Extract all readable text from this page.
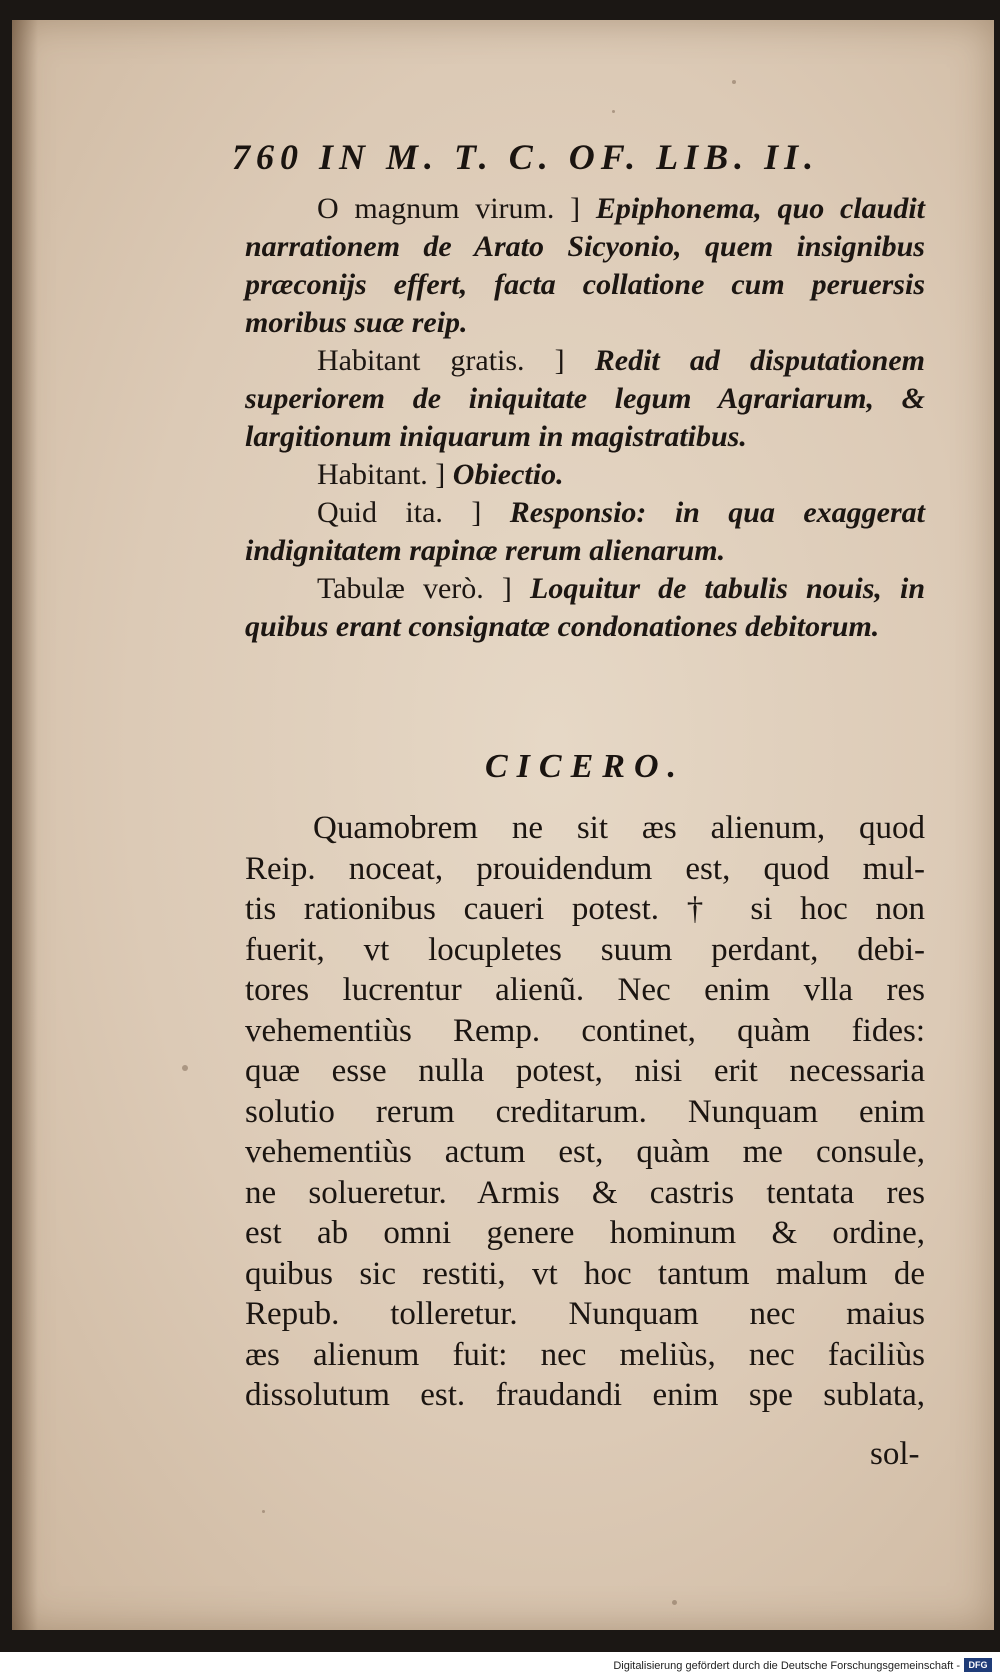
760 IN M. T. C. OF. LIB. II.

O magnum virum. ] Epiphonema, quo claudit narrationem de Arato Sicyonio, quem insignibus præconijs effert, facta collatione cum peruersis moribus suæ reip.

Habitant gratis. ] Redit ad disputationem superiorem de iniquitate legum Agrariarum, & largitionum iniquarum in magistratibus.

Habitant. ] Obiectio.

Quid ita. ] Responsio: in qua exaggerat indignitatem rapinæ rerum alienarum.

Tabulæ verò. ] Loquitur de tabulis nouis, in quibus erant consignatæ condonationes debitorum.

CICERO.
Quamobrem ne sit æs alienum, quod
Reip. noceat, prouidendum est, quod mul-
tis rationibus caueri potest. † si hoc non
fuerit, vt locupletes suum perdant, debi-
tores lucrentur alienũ. Nec enim vlla res
vehementiùs Remp. continet, quàm fides:
quæ esse nulla potest, nisi erit necessaria
solutio rerum creditarum. Nunquam enim
vehementiùs actum est, quàm me consule,
ne solueretur. Armis & castris tentata res
est ab omni genere hominum & ordine,
quibus sic restiti, vt hoc tantum malum de
Repub. tolleretur. Nunquam nec maius
æs alienum fuit: nec meliùs, nec faciliùs
dissolutum est. fraudandi enim spe sublata,
sol-
Digitalisierung gefördert durch die Deutsche Forschungsgemeinschaft - DFG
